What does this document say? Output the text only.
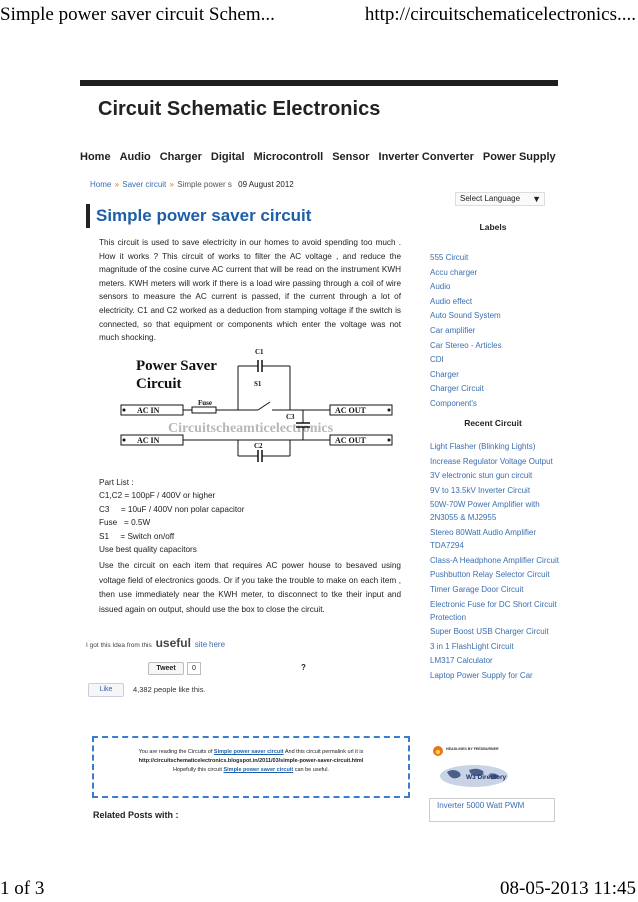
Simple power saver circuit Schem...	http://circuitschematicelectronics....
Circuit Schematic Electronics
Home Audio Charger Digital Microcontroll Sensor Inverter Converter Power Supply
Home » Saver circuit » Simple power s 09 August 2012
Simple power saver circuit
This circuit is used to save electricity in our homes to avoid spending too much . How it works ? This circuit of works to filter the AC voltage , and reduce the magnitude of the cosine curve AC current that will be read on the instrument KWH meters. KWH meters will work if there is a load wire passing through a coil of wire sensors to measure the AC current is passed, if the current through a lot of electricity. C1 and C2 worked as a deduction from stamping voltage if the switch is connected, so that equipment or components which enter the voltage was not much shocking.
Power Saver
Circuit
Circuitscheamticelectronics
AC IN
AC IN
AC OUT
AC OUT
Fuse
S1
C1
C3
C2
Part List :
C1,C2 = 100pF / 400V or higher
C3     = 10uF / 400V non polar capacitor
Fuse   = 0.5W
S1     = Switch on/off
Use best quality capacitors
Use the circuit on each item that requires AC power house to besaved using voltage field of electronics goods. Or if you take the trouble to make on each item , then use immediately near the KWH meter, to disconnect to tke their input and issued again on output, should use the box to close the circuit.
I got this Idea from this useful site here
Tweet	0	?
Like	4,382 people like this.
You are reading the Circuits of Simple power saver circuit And this circuit permalink url it is
http://circuitschematicelectronics.blogspot.in/2011/03/simple-power-saver-circuit.html
Hopefully this circuit Simple power saver circuit can be useful.
Related Posts with :
Select Language ▼
Labels
555 Circuit
Accu charger
Audio
Audio effect
Auto Sound System
Car amplifier
Car Stereo - Articles
CDI
Charger
Charger Circuit
Component's
Recent Circuit
Light Flasher (Blinking Lights)
Increase Regulator Voltage Output
3V electronic stun gun circuit
9V to 13.5kV Inverter Circuit
50W-70W Power Amplifier with 2N3055 & MJ2955
Stereo 80Watt Audio Amplifier TDA7294
Class-A Headphone Amplifier Circuit
Pushbutton Relay Selector Circuit
Timer Garage Door Circuit
Electronic Fuse for DC Short Circuit Protection
Super Boost USB Charger Circuit
3 in 1 FlashLight Circuit
LM317 Calculator
Laptop Power Supply for Car
HEADLINES BY FEEDBURNER
W3 Directory
Inverter 5000 Watt PWM
1 of 3	08-05-2013 11:45
